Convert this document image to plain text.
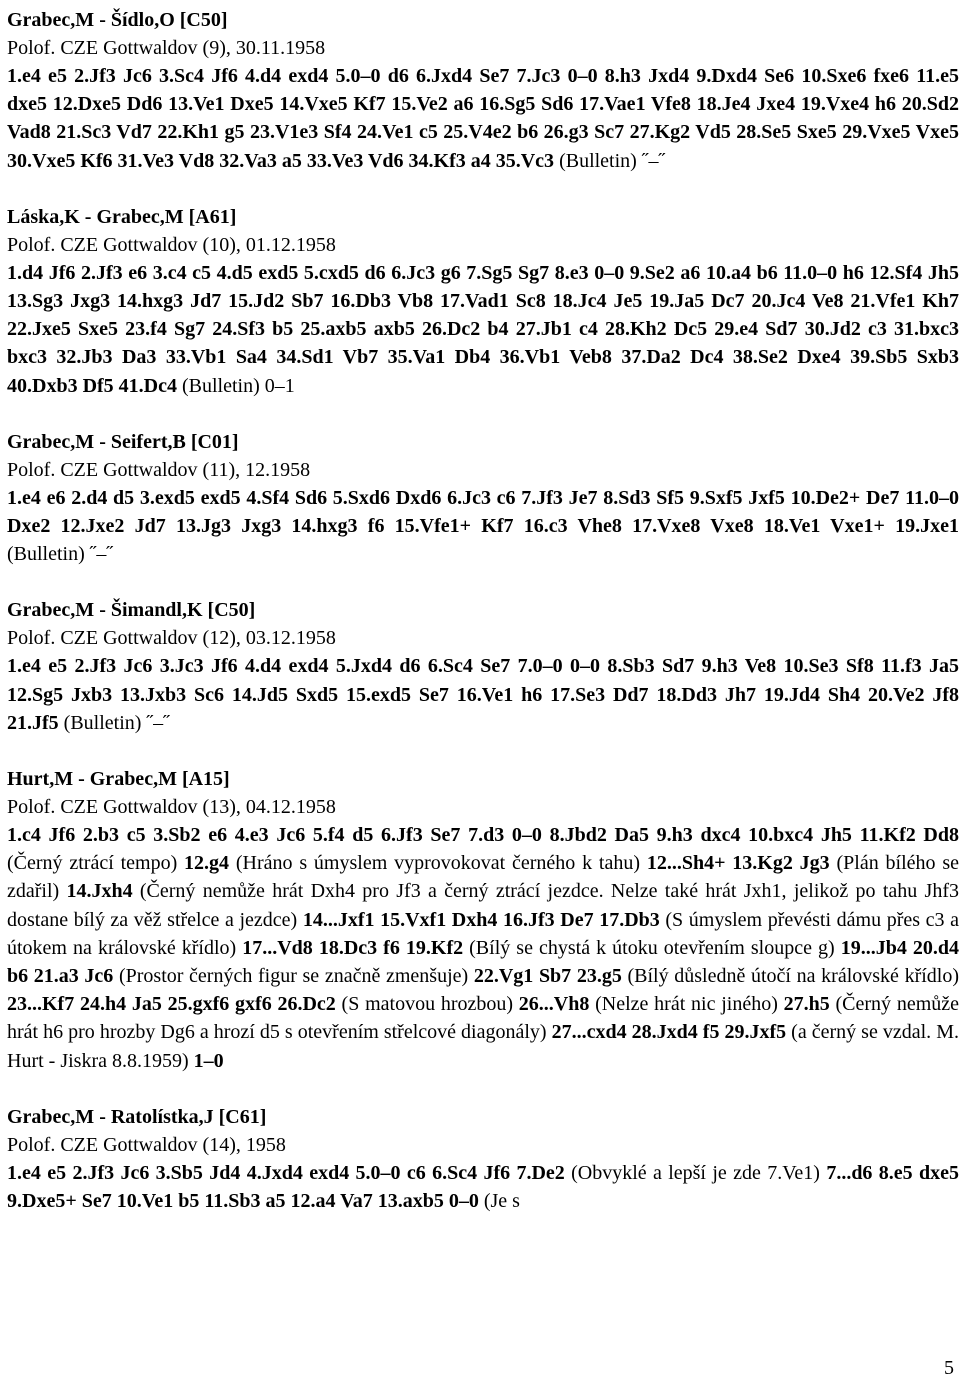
Grabec,M - Šídlo,O [C50]
Polof. CZE Gottwaldov (9), 30.11.1958
1.e4 e5 2.Jf3 Jc6 3.Sc4 Jf6 4.d4 exd4 5.0–0 d6 6.Jxd4 Se7 7.Jc3 0–0 8.h3 Jxd4 9.Dxd4 Se6 10.Sxe6 fxe6 11.e5 dxe5 12.Dxe5 Dd6 13.Ve1 Dxe5 14.Vxe5 Kf7 15.Ve2 a6 16.Sg5 Sd6 17.Vae1 Vfe8 18.Je4 Jxe4 19.Vxe4 h6 20.Sd2 Vad8 21.Sc3 Vd7 22.Kh1 g5 23.V1e3 Sf4 24.Ve1 c5 25.V4e2 b6 26.g3 Sc7 27.Kg2 Vd5 28.Se5 Sxe5 29.Vxe5 Vxe5 30.Vxe5 Kf6 31.Ve3 Vd8 32.Va3 a5 33.Ve3 Vd6 34.Kf3 a4 35.Vc3 (Bulletin) ˝–˝
Láska,K - Grabec,M [A61]
Polof. CZE Gottwaldov (10), 01.12.1958
1.d4 Jf6 2.Jf3 e6 3.c4 c5 4.d5 exd5 5.cxd5 d6 6.Jc3 g6 7.Sg5 Sg7 8.e3 0–0 9.Se2 a6 10.a4 b6 11.0–0 h6 12.Sf4 Jh5 13.Sg3 Jxg3 14.hxg3 Jd7 15.Jd2 Sb7 16.Db3 Vb8 17.Vad1 Sc8 18.Jc4 Je5 19.Ja5 Dc7 20.Jc4 Ve8 21.Vfe1 Kh7 22.Jxe5 Sxe5 23.f4 Sg7 24.Sf3 b5 25.axb5 axb5 26.Dc2 b4 27.Jb1 c4 28.Kh2 Dc5 29.e4 Sd7 30.Jd2 c3 31.bxc3 bxc3 32.Jb3 Da3 33.Vb1 Sa4 34.Sd1 Vb7 35.Va1 Db4 36.Vb1 Veb8 37.Da2 Dc4 38.Se2 Dxe4 39.Sb5 Sxb3 40.Dxb3 Df5 41.Dc4 (Bulletin) 0–1
Grabec,M - Seifert,B [C01]
Polof. CZE Gottwaldov (11), 12.1958
1.e4 e6 2.d4 d5 3.exd5 exd5 4.Sf4 Sd6 5.Sxd6 Dxd6 6.Jc3 c6 7.Jf3 Je7 8.Sd3 Sf5 9.Sxf5 Jxf5 10.De2+ De7 11.0–0 Dxe2 12.Jxe2 Jd7 13.Jg3 Jxg3 14.hxg3 f6 15.Vfe1+ Kf7 16.c3 Vhe8 17.Vxe8 Vxe8 18.Ve1 Vxe1+ 19.Jxe1 (Bulletin) ˝–˝
Grabec,M - Šimandl,K [C50]
Polof. CZE Gottwaldov (12), 03.12.1958
1.e4 e5 2.Jf3 Jc6 3.Jc3 Jf6 4.d4 exd4 5.Jxd4 d6 6.Sc4 Se7 7.0–0 0–0 8.Sb3 Sd7 9.h3 Ve8 10.Se3 Sf8 11.f3 Ja5 12.Sg5 Jxb3 13.Jxb3 Sc6 14.Jd5 Sxd5 15.exd5 Se7 16.Ve1 h6 17.Se3 Dd7 18.Dd3 Jh7 19.Jd4 Sh4 20.Ve2 Jf8 21.Jf5 (Bulletin) ˝–˝
Hurt,M - Grabec,M [A15]
Polof. CZE Gottwaldov (13), 04.12.1958
1.c4 Jf6 2.b3 c5 3.Sb2 e6 4.e3 Jc6 5.f4 d5 6.Jf3 Se7 7.d3 0–0 8.Jbd2 Da5 9.h3 dxc4 10.bxc4 Jh5 11.Kf2 Dd8 (Černý ztrácí tempo) 12.g4 (Hráno s úmyslem vyprovokovat černého k tahu) 12...Sh4+ 13.Kg2 Jg3 (Plán bílého se zdařil) 14.Jxh4 (Černý nemůže hrát Dxh4 pro Jf3 a černý ztrácí jezdce. Nelze také hrát Jxh1, jelikož po tahu Jhf3 dostane bílý za věž střelce a jezdce) 14...Jxf1 15.Vxf1 Dxh4 16.Jf3 De7 17.Db3 (S úmyslem převésti dámu přes c3 a útokem na královské křídlo) 17...Vd8 18.Dc3 f6 19.Kf2 (Bílý se chystá k útoku otevřením sloupce g) 19...Jb4 20.d4 b6 21.a3 Jc6 (Prostor černých figur se značně zmenšuje) 22.Vg1 Sb7 23.g5 (Bílý důsledně útočí na královské křídlo) 23...Kf7 24.h4 Ja5 25.gxf6 gxf6 26.Dc2 (S matovou hrozbou) 26...Vh8 (Nelze hrát nic jiného) 27.h5 (Černý nemůže hrát h6 pro hrozby Dg6 a hrozí d5 s otevřením střelcové diagonály) 27...cxd4 28.Jxd4 f5 29.Jxf5 (a černý se vzdal. M. Hurt - Jiskra 8.8.1959) 1–0
Grabec,M - Ratolístka,J [C61]
Polof. CZE Gottwaldov (14), 1958
1.e4 e5 2.Jf3 Jc6 3.Sb5 Jd4 4.Jxd4 exd4 5.0–0 c6 6.Sc4 Jf6 7.De2 (Obvyklé a lepší je zde 7.Ve1) 7...d6 8.e5 dxe5 9.Dxe5+ Se7 10.Ve1 b5 11.Sb3 a5 12.a4 Va7 13.axb5 0–0 (Je s
5
